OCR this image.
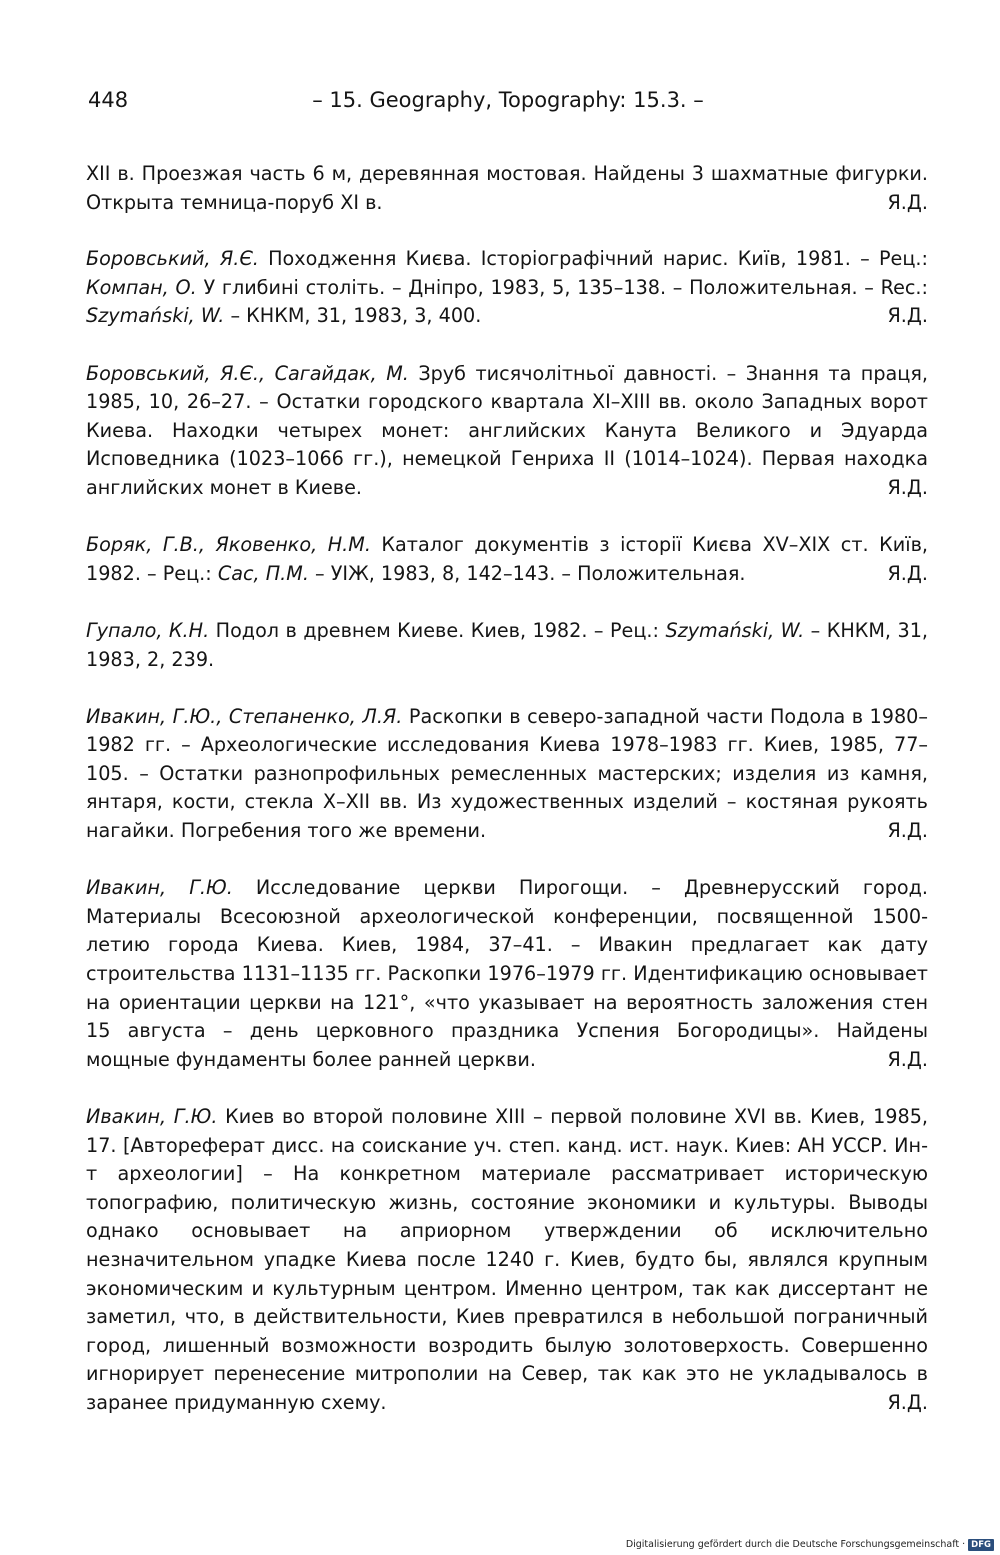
448	– 15. Geography, Topography: 15.3. –
XII в. Проезжая часть 6 м, деревянная мостовая. Найдены 3 шахматные фигурки. Открыта темница-поруб XI в.	Я.Д.
Боровський, Я.Є. Походження Києва. Історіографічний нарис. Київ, 1981. – Рец.: Компан, О. У глибині століть. – Дніпро, 1983, 5, 135–138. – Положительная. – Rec.: Szymański, W. – КНКМ, 31, 1983, 3, 400.	Я.Д.
Боровський, Я.Є., Сагайдак, М. Зруб тисячолітньої давності. – Знання та праця, 1985, 10, 26–27. – Остатки городского квартала XI–XIII вв. около Западных ворот Киева. Находки четырех монет: английских Канута Великого и Эдуарда Исповедника (1023–1066 гг.), немецкой Генриха II (1014–1024). Первая находка английских монет в Киеве.	Я.Д.
Боряк, Г.В., Яковенко, Н.М. Каталог документів з історії Києва XV–XIX ст. Київ, 1982. – Рец.: Сас, П.М. – УІЖ, 1983, 8, 142–143. – Положительная.	Я.Д.
Гупало, К.Н. Подол в древнем Киеве. Киев, 1982. – Рец.: Szymański, W. – КНКМ, 31, 1983, 2, 239.
Ивакин, Г.Ю., Степаненко, Л.Я. Раскопки в северо-западной части Подола в 1980–1982 гг. – Археологические исследования Киева 1978–1983 гг. Киев, 1985, 77–105. – Остатки разнопрофильных ремесленных мастерских; изделия из камня, янтаря, кости, стекла X–XII вв. Из художественных изделий – костяная рукоять нагайки. Погребения того же времени.	Я.Д.
Ивакин, Г.Ю. Исследование церкви Пирогощи. – Древнерусский город. Материалы Всесоюзной археологической конференции, посвященной 1500-летию города Киева. Киев, 1984, 37–41. – Ивакин предлагает как дату строительства 1131–1135 гг. Раскопки 1976–1979 гг. Идентификацию основывает на ориентации церкви на 121°, «что указывает на вероятность заложения стен 15 августа – день церковного праздника Успения Богородицы». Найдены мощные фундаменты более ранней церкви.	Я.Д.
Ивакин, Г.Ю. Киев во второй половине XIII – первой половине XVI вв. Киев, 1985, 17. [Автореферат дисс. на соискание уч. степ. канд. ист. наук. Киев: АН УССР. Ин-т археологии] – На конкретном материале рассматривает историческую топографию, политическую жизнь, состояние экономики и культуры. Выводы однако основывает на априорном утверждении об исключительно незначительном упадке Киева после 1240 г. Киев, будто бы, являлся крупным экономическим и культурным центром. Именно центром, так как диссертант не заметил, что, в действительности, Киев превратился в небольшой пограничный город, лишенный возможности возродить былую золотоверхость. Совершенно игнорирует перенесение митрополии на Север, так как это не укладывалось в заранее придуманную схему.	Я.Д.
Digitalisierung gefördert durch die Deutsche Forschungsgemeinschaft · DFG
